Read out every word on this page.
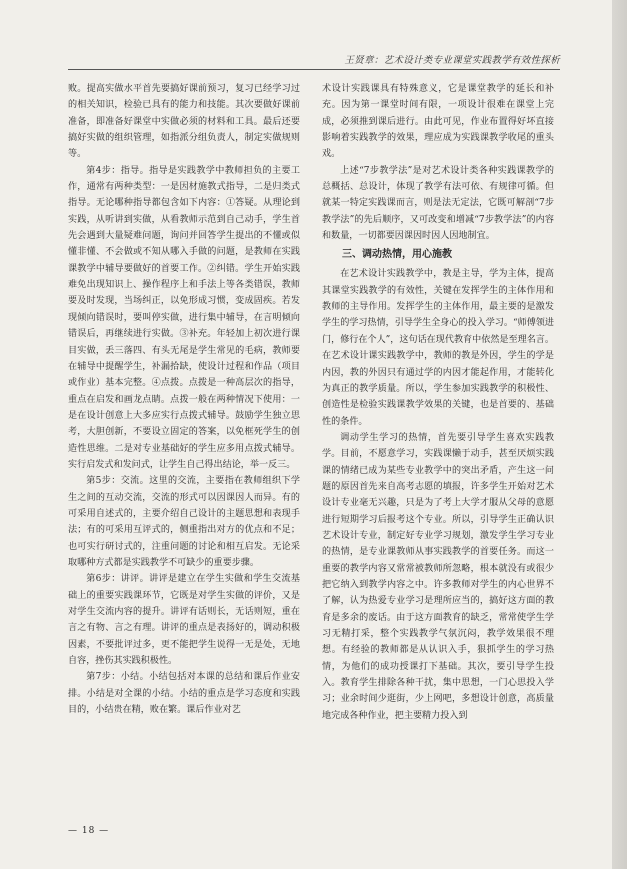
王贤章：艺术设计类专业课堂实践教学有效性探析

败。提高实做水平首先要搞好课前预习，复习已经学习过的相关知识，检验已具有的能力和技能。其次要做好课前准备，即准备好课堂中实做必须的材料和工具。最后还要搞好实做的组织管理，如指派分组负责人，制定实做规则等。

第4步：指导。指导是实践教学中教师担负的主要工作，通常有两种类型：一是因材施教式指导，二是归类式指导。无论哪种指导都包含如下内容：①答疑。从理论到实践，从听讲到实做，从看教师示范到自己动手，学生首先会遇到大量疑难问题，询问并回答学生提出的不懂或似懂非懂、不会做或不知从哪入手做的问题，是教师在实践课教学中辅导要做好的首要工作。②纠错。学生开始实践难免出现知识上、操作程序上和手法上等各类错误，教师要及时发现，当场纠正，以免形成习惯，变成固疾。若发现倾向错误时，要叫停实做，进行集中辅导，在言明倾向错误后，再继续进行实做。③补充。年轻加上初次进行课目实做，丢三落四、有头无尾是学生常见的毛病，教师要在辅导中提醒学生，补漏拾缺，使设计过程和作品（项目或作业）基本完整。④点拨。点拨是一种高层次的指导，重点在启发和画龙点睛。点拨一般在两种情况下使用：一是在设计创意上大多应实行点拨式辅导。鼓励学生独立思考，大胆创新，不要设立固定的答案，以免框死学生的创造性思维。二是对专业基础好的学生应多用点拨式辅导。实行启发式和发问式，让学生自己得出结论，举一反三。

第5步：交流。这里的交流，主要指在教师组织下学生之间的互动交流，交流的形式可以因课因人而异。有的可采用自述式的，主要介绍自己设计的主题思想和表现手法；有的可采用互评式的，侧重指出对方的优点和不足；也可实行研讨式的，注重问题的讨论和相互启发。无论采取哪种方式都是实践教学不可缺少的重要步骤。

第6步：讲评。讲评是建立在学生实做和学生交流基础上的重要实践课环节，它既是对学生实做的评价，又是对学生交流内容的提升。讲评有话则长，无话则短，重在言之有物、言之有理。讲评的重点是表扬好的，调动积极因素，不要批评过多，更不能把学生说得一无是处，无地自容，挫伤其实践积极性。

第7步：小结。小结包括对本课的总结和课后作业安排。小结是对全课的小结。小结的重点是学习态度和实践目的，小结贵在精，败在繁。课后作业对艺

术设计实践课具有特殊意义，它是课堂教学的延长和补充。因为第一课堂时间有限，一项设计很难在课堂上完成，必须推到课后进行。由此可见，作业布置得好坏直接影响着实践教学的效果，理应成为实践课教学收尾的重头戏。

上述“7步教学法”是对艺术设计类各种实践课教学的总概括、总设计，体现了教学有法可依、有规律可循。但就某一特定实践课而言，则是法无定法，它既可解剖“7步教学法”的先后顺序，又可改变和增减“7步教学法”的内容和数量，一切都要因课因时因人因地制宜。

三、调动热情，用心施教

在艺术设计实践教学中，教是主导，学为主体，提高其课堂实践教学的有效性，关键在发挥学生的主体作用和教师的主导作用。发挥学生的主体作用，最主要的是激发学生的学习热情，引导学生全身心的投入学习。“师傅领进门，修行在个人”，这句话在现代教育中依然是至理名言。在艺术设计课实践教学中，教师的教是外因，学生的学是内因，教的外因只有通过学的内因才能起作用，才能转化为真正的教学质量。所以，学生参加实践教学的积极性、创造性是检验实践课教学效果的关键，也是首要的、基础性的条件。

调动学生学习的热情，首先要引导学生喜欢实践教学。目前，不愿意学习，实践课懒于动手，甚至厌烦实践课的情绪已成为某些专业教学中的突出矛盾，产生这一问题的原因首先来自高考志愿的填报，许多学生开始对艺术设计专业毫无兴趣，只是为了考上大学才服从父母的意愿进行短期学习后报考这个专业。所以，引导学生正确认识艺术设计专业，制定好专业学习规划，激发学生学习专业的热情，是专业课教师从事实践教学的首要任务。而这一重要的教学内容又常常被教师所忽略，根本就没有或很少把它纳入到教学内容之中。许多教师对学生的内心世界不了解，认为热爱专业学习是理所应当的，搞好这方面的教育是多余的废话。由于这方面教育的缺乏，常常使学生学习无精打采，整个实践教学气氛沉闷，教学效果很不理想。有经验的教师都是从认识入手，狠抓学生的学习热情，为他们的成功授课打下基础。其次，要引导学生投入。教育学生排除各种干扰，集中思想，一门心思投入学习；业余时间少逛街，少上网吧，多想设计创意，高质量地完成各种作业，把主要精力投入到

— 18 —
